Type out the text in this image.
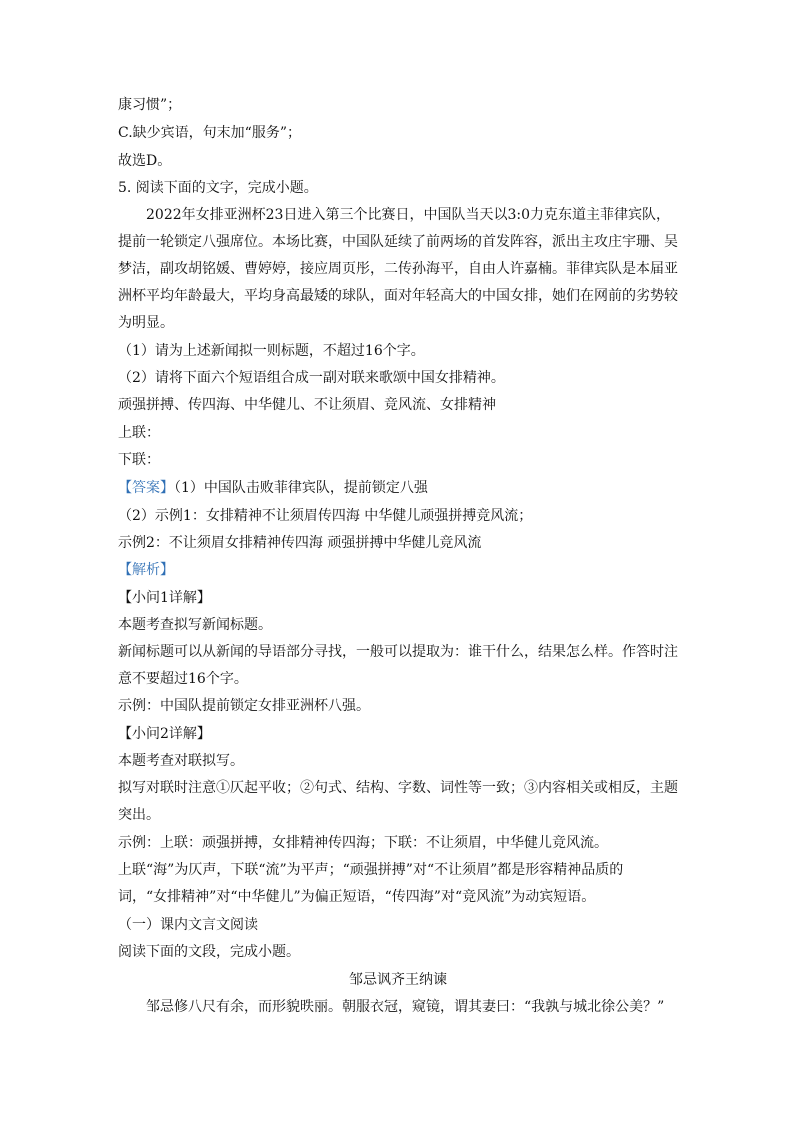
康习惯”；
C.缺少宾语，句末加“服务”；
故选D。
5. 阅读下面的文字，完成小题。
2022年女排亚洲杯23日进入第三个比赛日，中国队当天以3:0力克东道主菲律宾队，
提前一轮锁定八强席位。本场比赛，中国队延续了前两场的首发阵容，派出主攻庄宇珊、吴
梦洁，副攻胡铭媛、曹婷婷，接应周页彤，二传孙海平，自由人许嘉楠。菲律宾队是本届亚
洲杯平均年龄最大，平均身高最矮的球队，面对年轻高大的中国女排，她们在网前的劣势较
为明显。
（1）请为上述新闻拟一则标题，不超过16个字。
（2）请将下面六个短语组合成一副对联来歌颂中国女排精神。
顽强拼搏、传四海、中华健儿、不让须眉、竞风流、女排精神
上联：
下联：
【答案】（1）中国队击败菲律宾队，提前锁定八强
（2）示例1：女排精神不让须眉传四海 中华健儿顽强拼搏竞风流；
示例2：不让须眉女排精神传四海 顽强拼搏中华健儿竞风流
【解析】
【小问1详解】
本题考查拟写新闻标题。
新闻标题可以从新闻的导语部分寻找，一般可以提取为：谁干什么，结果怎么样。作答时注
意不要超过16个字。
示例：中国队提前锁定女排亚洲杯八强。
【小问2详解】
本题考查对联拟写。
拟写对联时注意①仄起平收；②句式、结构、字数、词性等一致；③内容相关或相反，主题
突出。
示例：上联：顽强拼搏，女排精神传四海；下联：不让须眉，中华健儿竞风流。
上联“海”为仄声，下联“流”为平声；“顽强拼搏”对“不让须眉”都是形容精神品质的
词，“女排精神”对“中华健儿”为偏正短语，“传四海”对“竞风流”为动宾短语。
（一）课内文言文阅读
阅读下面的文段，完成小题。
邹忌讽齐王纳谏
邹忌修八尺有余，而形貌昳丽。朝服衣冠，窥镜，谓其妻曰：“我孰与城北徐公美？”
